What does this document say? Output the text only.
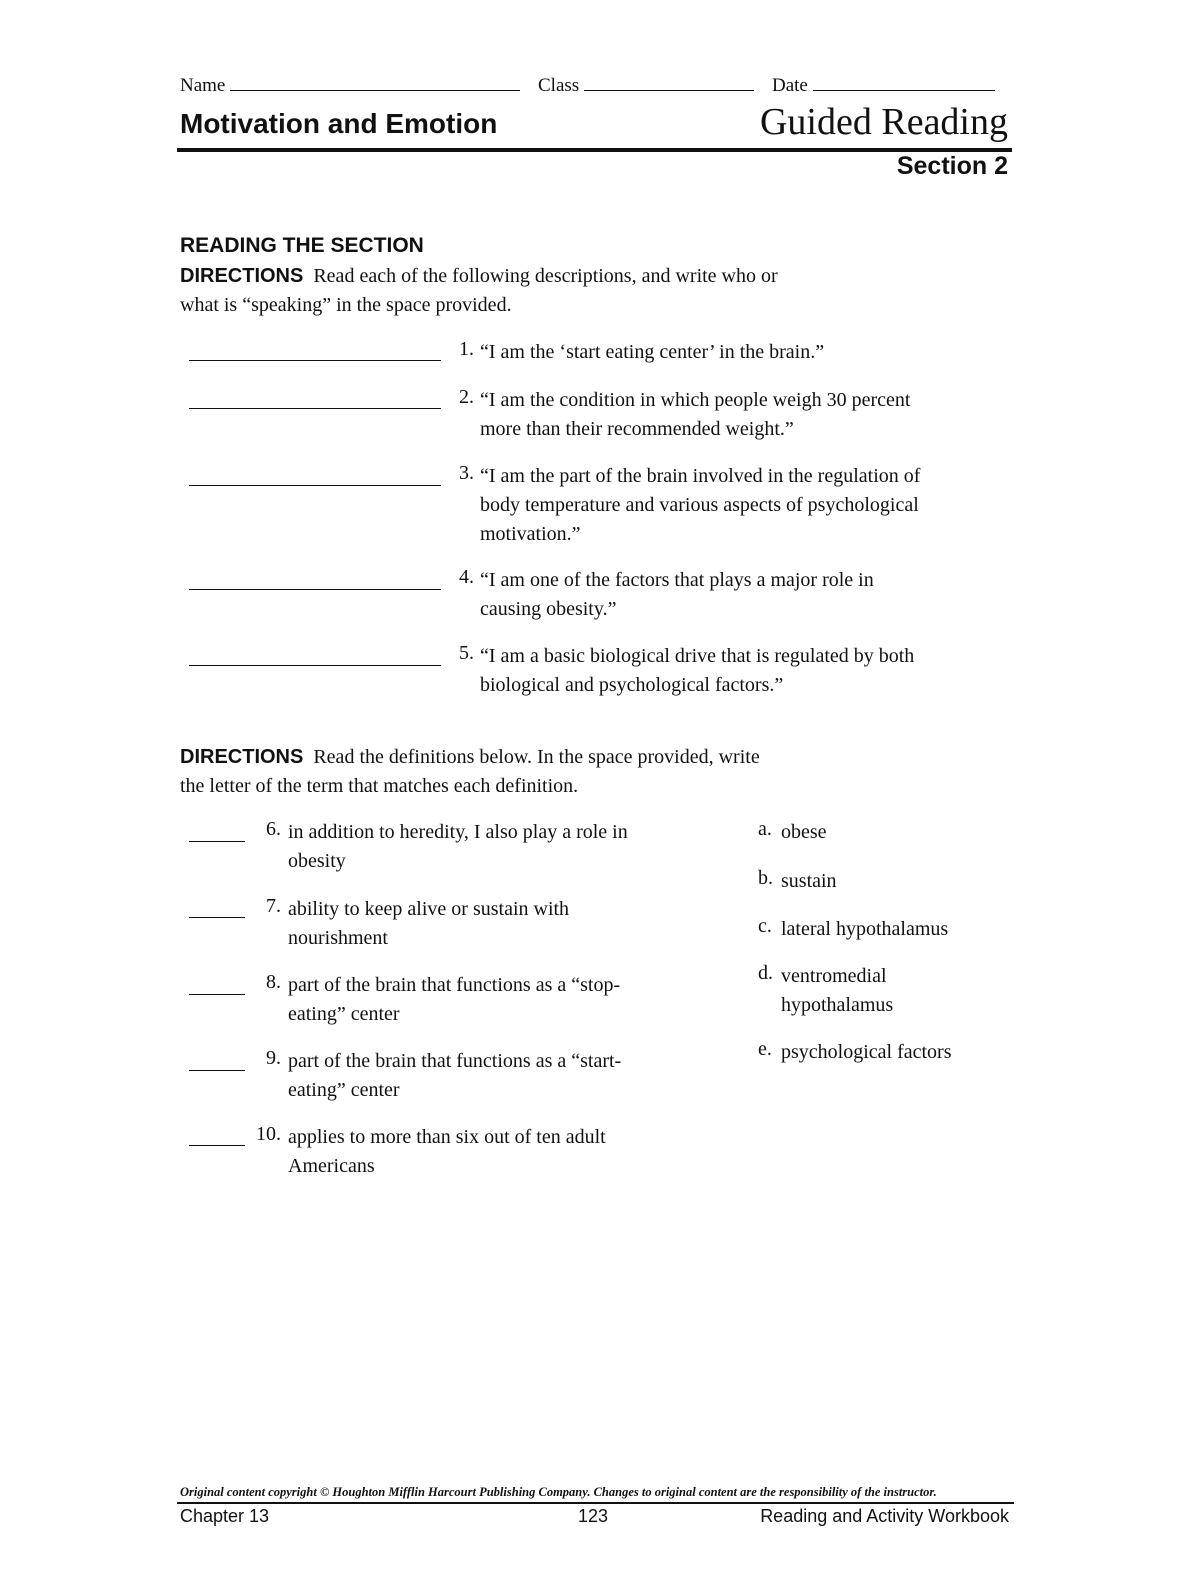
Name	Class	Date
Motivation and Emotion	Guided Reading
Section 2
READING THE SECTION
DIRECTIONS Read each of the following descriptions, and write who or
what is “speaking” in the space provided.
1. “I am the ‘start eating center’ in the brain.”
2. “I am the condition in which people weigh 30 percent
more than their recommended weight.”
3. “I am the part of the brain involved in the regulation of
body temperature and various aspects of psychological
motivation.”
4. “I am one of the factors that plays a major role in
causing obesity.”
5. “I am a basic biological drive that is regulated by both
biological and psychological factors.”
DIRECTIONS Read the definitions below. In the space provided, write
the letter of the term that matches each definition.
6. in addition to heredity, I also play a role in
obesity
7. ability to keep alive or sustain with
nourishment
8. part of the brain that functions as a “stop-
eating” center
9. part of the brain that functions as a “start-
eating” center
10. applies to more than six out of ten adult
Americans
a. obese
b. sustain
c. lateral hypothalamus
d. ventromedial
hypothalamus
e. psychological factors
Original content copyright © Houghton Mifflin Harcourt Publishing Company. Changes to original content are the responsibility of the instructor.
Chapter 13	123	Reading and Activity Workbook
